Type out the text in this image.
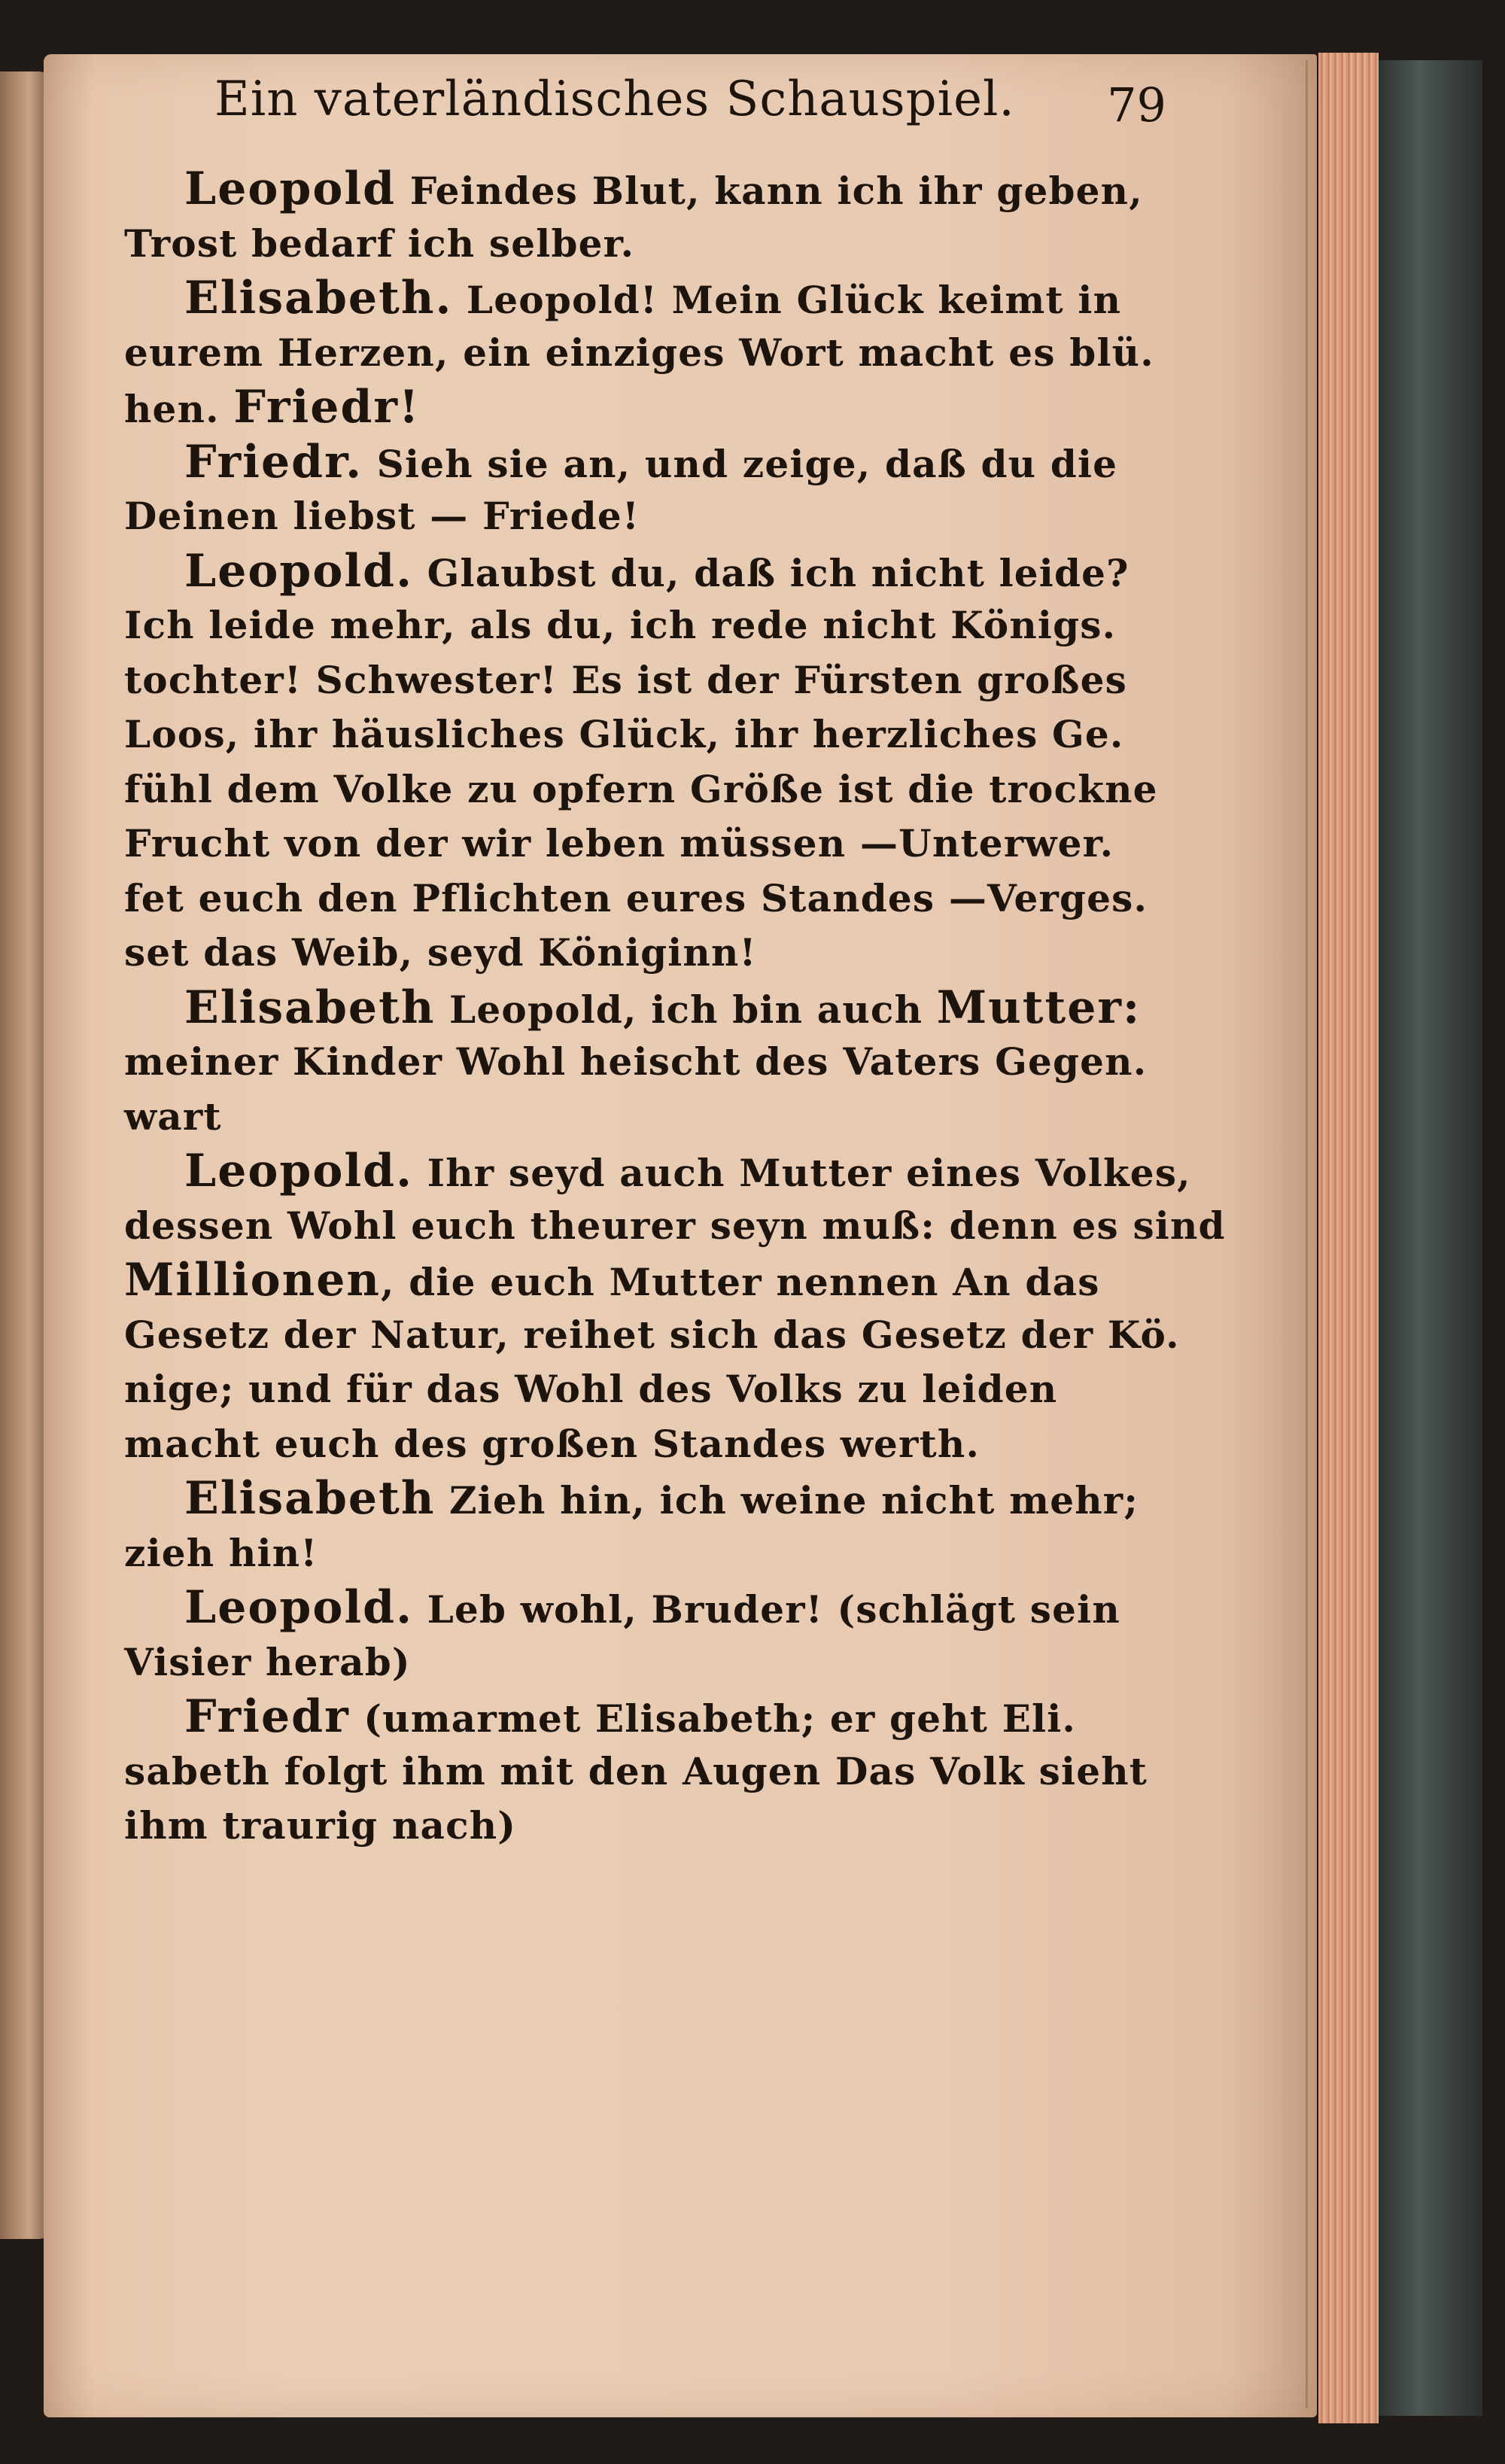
Ein vaterländisches Schauspiel. 79
Leopold Feindes Blut, kann ich ihr geben,
Trost bedarf ich selber.
Elisabeth. Leopold! Mein Glück keimt in
eurem Herzen, ein einziges Wort macht es blü.
hen. Friedr!
Friedr. Sieh sie an, und zeige, daß du die
Deinen liebst — Friede!
Leopold. Glaubst du, daß ich nicht leide?
Ich leide mehr, als du, ich rede nicht Königs.
tochter! Schwester! Es ist der Fürsten großes
Loos, ihr häusliches Glück, ihr herzliches Ge.
fühl dem Volke zu opfern Größe ist die trockne
Frucht von der wir leben müssen —Unterwer.
fet euch den Pflichten eures Standes —Verges.
set das Weib, seyd Königinn!
Elisabeth Leopold, ich bin auch Mutter:
meiner Kinder Wohl heischt des Vaters Gegen.
wart
Leopold. Ihr seyd auch Mutter eines Volkes,
dessen Wohl euch theurer seyn muß: denn es sind
Millionen, die euch Mutter nennen An das
Gesetz der Natur, reihet sich das Gesetz der Kö.
nige; und für das Wohl des Volks zu leiden
macht euch des großen Standes werth.
Elisabeth Zieh hin, ich weine nicht mehr;
zieh hin!
Leopold. Leb wohl, Bruder! (schlägt sein
Visier herab)
Friedr (umarmet Elisabeth; er geht Eli.
sabeth folgt ihm mit den Augen Das Volk sieht
ihm traurig nach)
